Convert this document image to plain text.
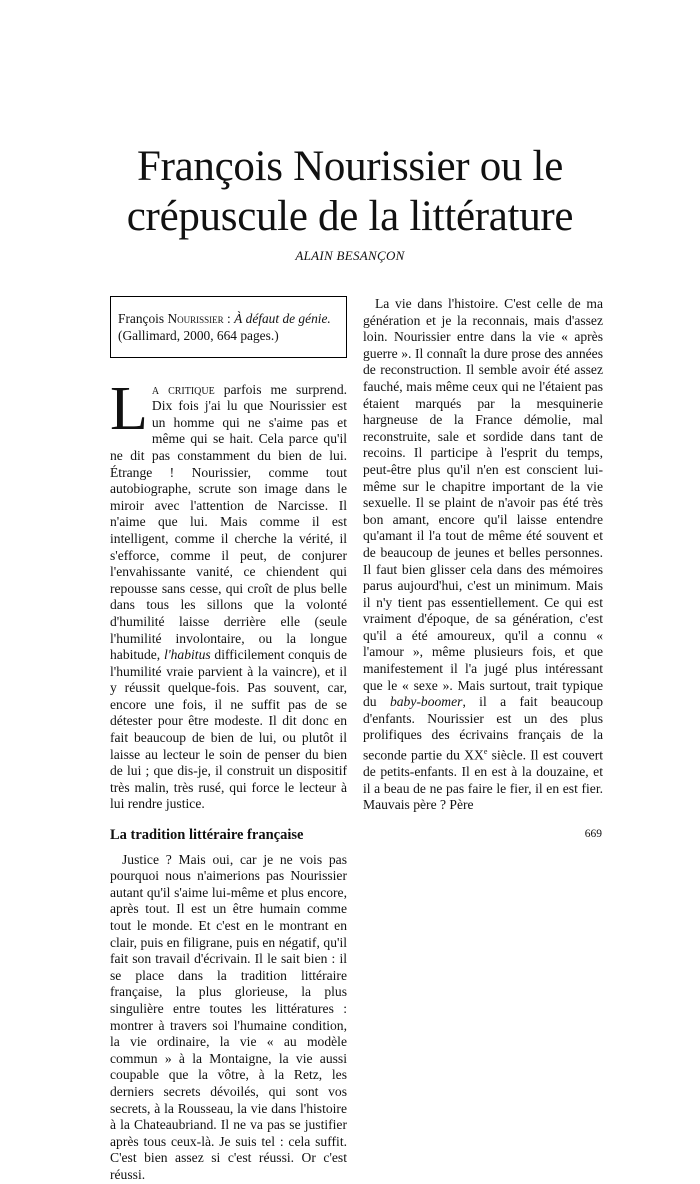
François Nourissier ou le crépuscule de la littérature
ALAIN BESANÇON
François Nourissier : À défaut de génie.
(Gallimard, 2000, 664 pages.)

La critique parfois me surprend. Dix fois j'ai lu que Nourissier est un homme qui ne s'aime pas et même qui se hait. Cela parce qu'il ne dit pas constamment du bien de lui. Étrange ! Nourissier, comme tout autobiographe, scrute son image dans le miroir avec l'attention de Narcisse. Il n'aime que lui. Mais comme il est intelligent, comme il cherche la vérité, il s'efforce, comme il peut, de conjurer l'envahissante vanité, ce chiendent qui repousse sans cesse, qui croît de plus belle dans tous les sillons que la volonté d'humilité laisse derrière elle (seule l'humilité involontaire, ou la longue habitude, l'habitus difficilement conquis de l'humilité vraie parvient à la vaincre), et il y réussit quelque-fois. Pas souvent, car, encore une fois, il ne suffit pas de se détester pour être modeste. Il dit donc en fait beaucoup de bien de lui, ou plutôt il laisse au lecteur le soin de penser du bien de lui ; que dis-je, il construit un dispositif très malin, très rusé, qui force le lecteur à lui rendre justice.

La tradition littéraire française

Justice ? Mais oui, car je ne vois pas pourquoi nous n'aimerions pas Nourissier autant qu'il s'aime lui-même et plus encore, après tout. Il est un être humain comme tout le monde. Et c'est en le montrant en clair, puis en filigrane, puis en négatif, qu'il fait son travail d'écrivain. Il le sait bien : il se place dans la tradition littéraire française, la plus glorieuse, la plus singulière entre toutes les littératures : montrer à travers soi l'humaine condition, la vie ordinaire, la vie « au modèle commun » à la Montaigne, la vie aussi coupable que la vôtre, à la Retz, les derniers secrets dévoilés, qui sont vos secrets, à la Rousseau, la vie dans l'histoire à la Chateaubriand. Il ne va pas se justifier après tous ceux-là. Je suis tel : cela suffit. C'est bien assez si c'est réussi. Or c'est réussi.

La vie dans l'histoire. C'est celle de ma génération et je la reconnais, mais d'assez loin. Nourissier entre dans la vie « après guerre ». Il connaît la dure prose des années de reconstruction. Il semble avoir été assez fauché, mais même ceux qui ne l'étaient pas étaient marqués par la mesquinerie hargneuse de la France démolie, mal reconstruite, sale et sordide dans tant de recoins. Il participe à l'esprit du temps, peut-être plus qu'il n'en est conscient lui-même sur le chapitre important de la vie sexuelle. Il se plaint de n'avoir pas été très bon amant, encore qu'il laisse entendre qu'amant il l'a tout de même été souvent et de beaucoup de jeunes et belles personnes. Il faut bien glisser cela dans des mémoires parus aujourd'hui, c'est un minimum. Mais il n'y tient pas essentiellement. Ce qui est vraiment d'époque, de sa génération, c'est qu'il a été amoureux, qu'il a connu « l'amour », même plusieurs fois, et que manifestement il l'a jugé plus intéressant que le « sexe ». Mais surtout, trait typique du baby-boomer, il a fait beaucoup d'enfants. Nourissier est un des plus prolifiques des écrivains français de la seconde partie du XXe siècle. Il est couvert de petits-enfants. Il en est à la douzaine, et il a beau de ne pas faire le fier, il en est fier. Mauvais père ? Père

669
